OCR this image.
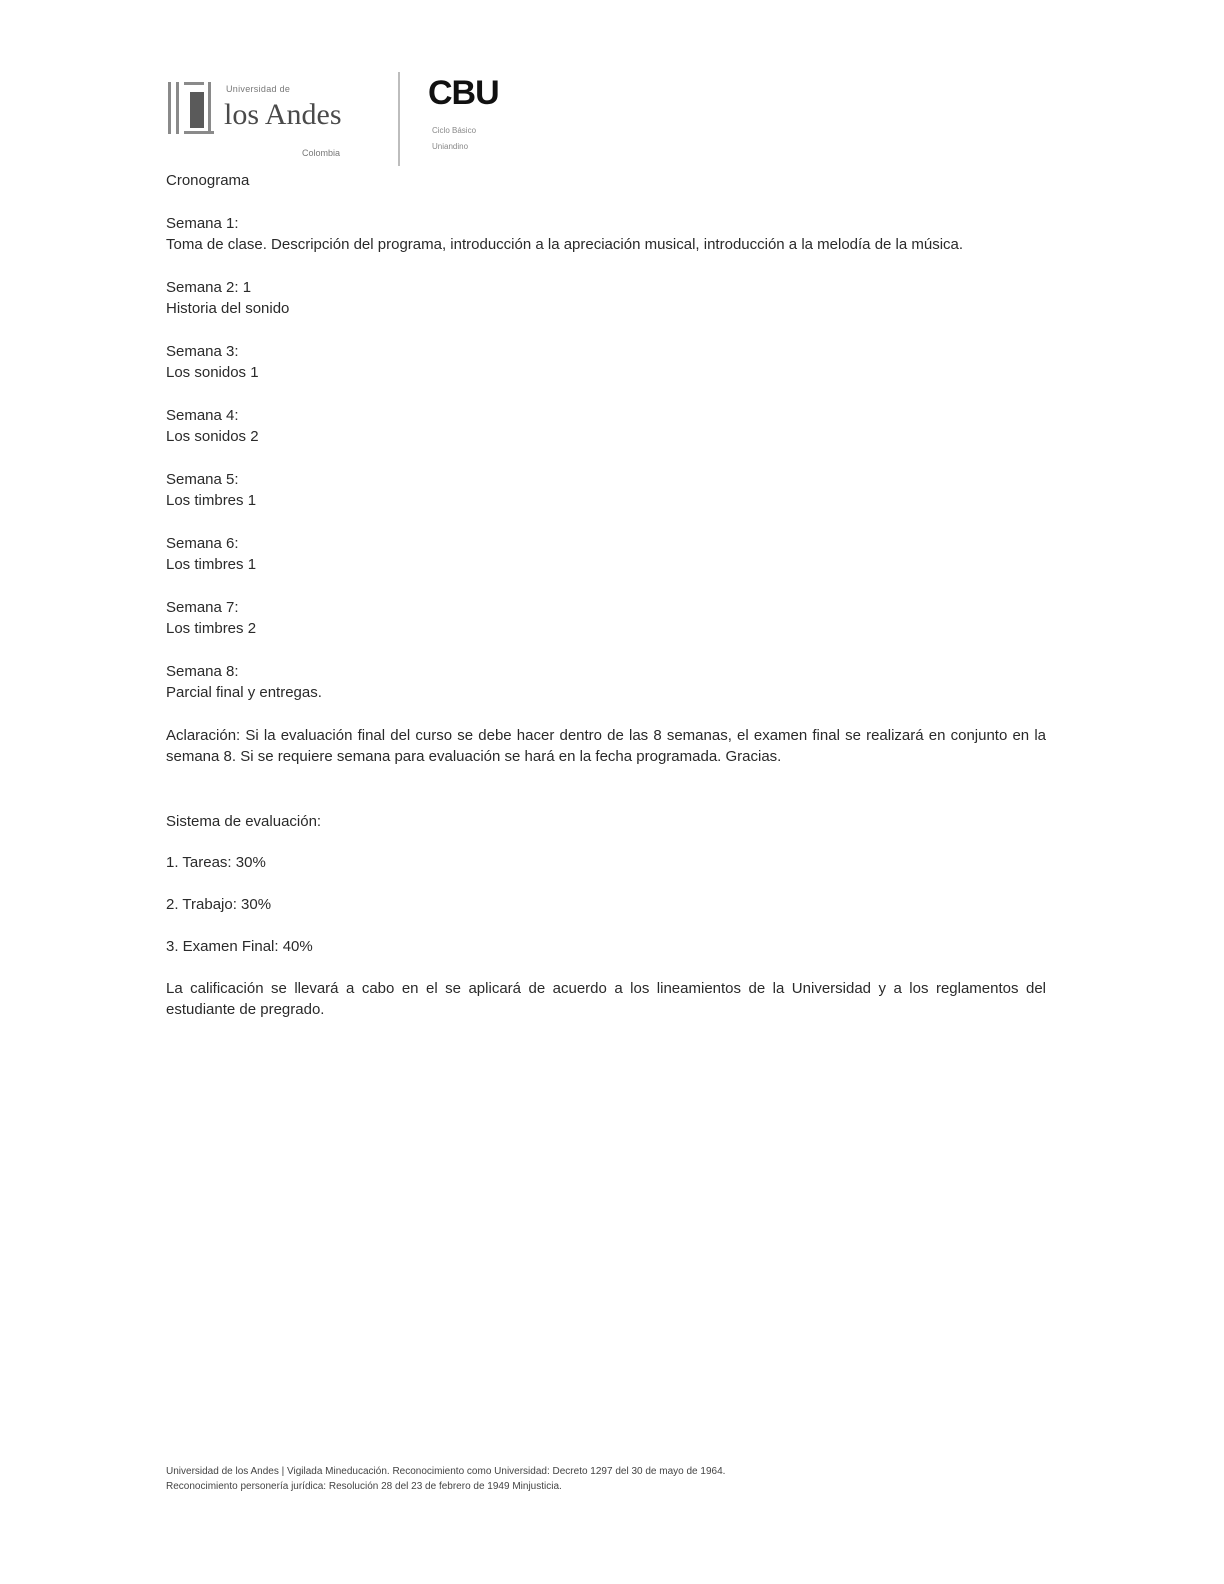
Universidad de
los Andes
Colombia
CBU
Ciclo Básico
Uniandino
Cronograma
Semana 1:
Toma de clase. Descripción del programa, introducción a la apreciación musical, introducción a la melodía de la música.
Semana 2: 1
Historia del sonido
Semana 3:
Los sonidos 1
Semana 4:
Los sonidos 2
Semana 5:
Los timbres 1
Semana 6:
Los timbres 1
Semana 7:
Los timbres 2
Semana 8:
Parcial final y entregas.

Aclaración: Si la evaluación final del curso se debe hacer dentro de las 8 semanas, el examen final se realizará en conjunto en la semana 8. Si se requiere semana para evaluación se hará en la fecha programada. Gracias.

Sistema de evaluación:
1. Tareas: 30%
2. Trabajo: 30%
3. Examen Final: 40%

La calificación se llevará a cabo en el se aplicará de acuerdo a los lineamientos de la Universidad y a los reglamentos del estudiante de pregrado.

Universidad de los Andes | Vigilada Mineducación. Reconocimiento como Universidad: Decreto 1297 del 30 de mayo de 1964.
Reconocimiento personería jurídica: Resolución 28 del 23 de febrero de 1949 Minjusticia.
